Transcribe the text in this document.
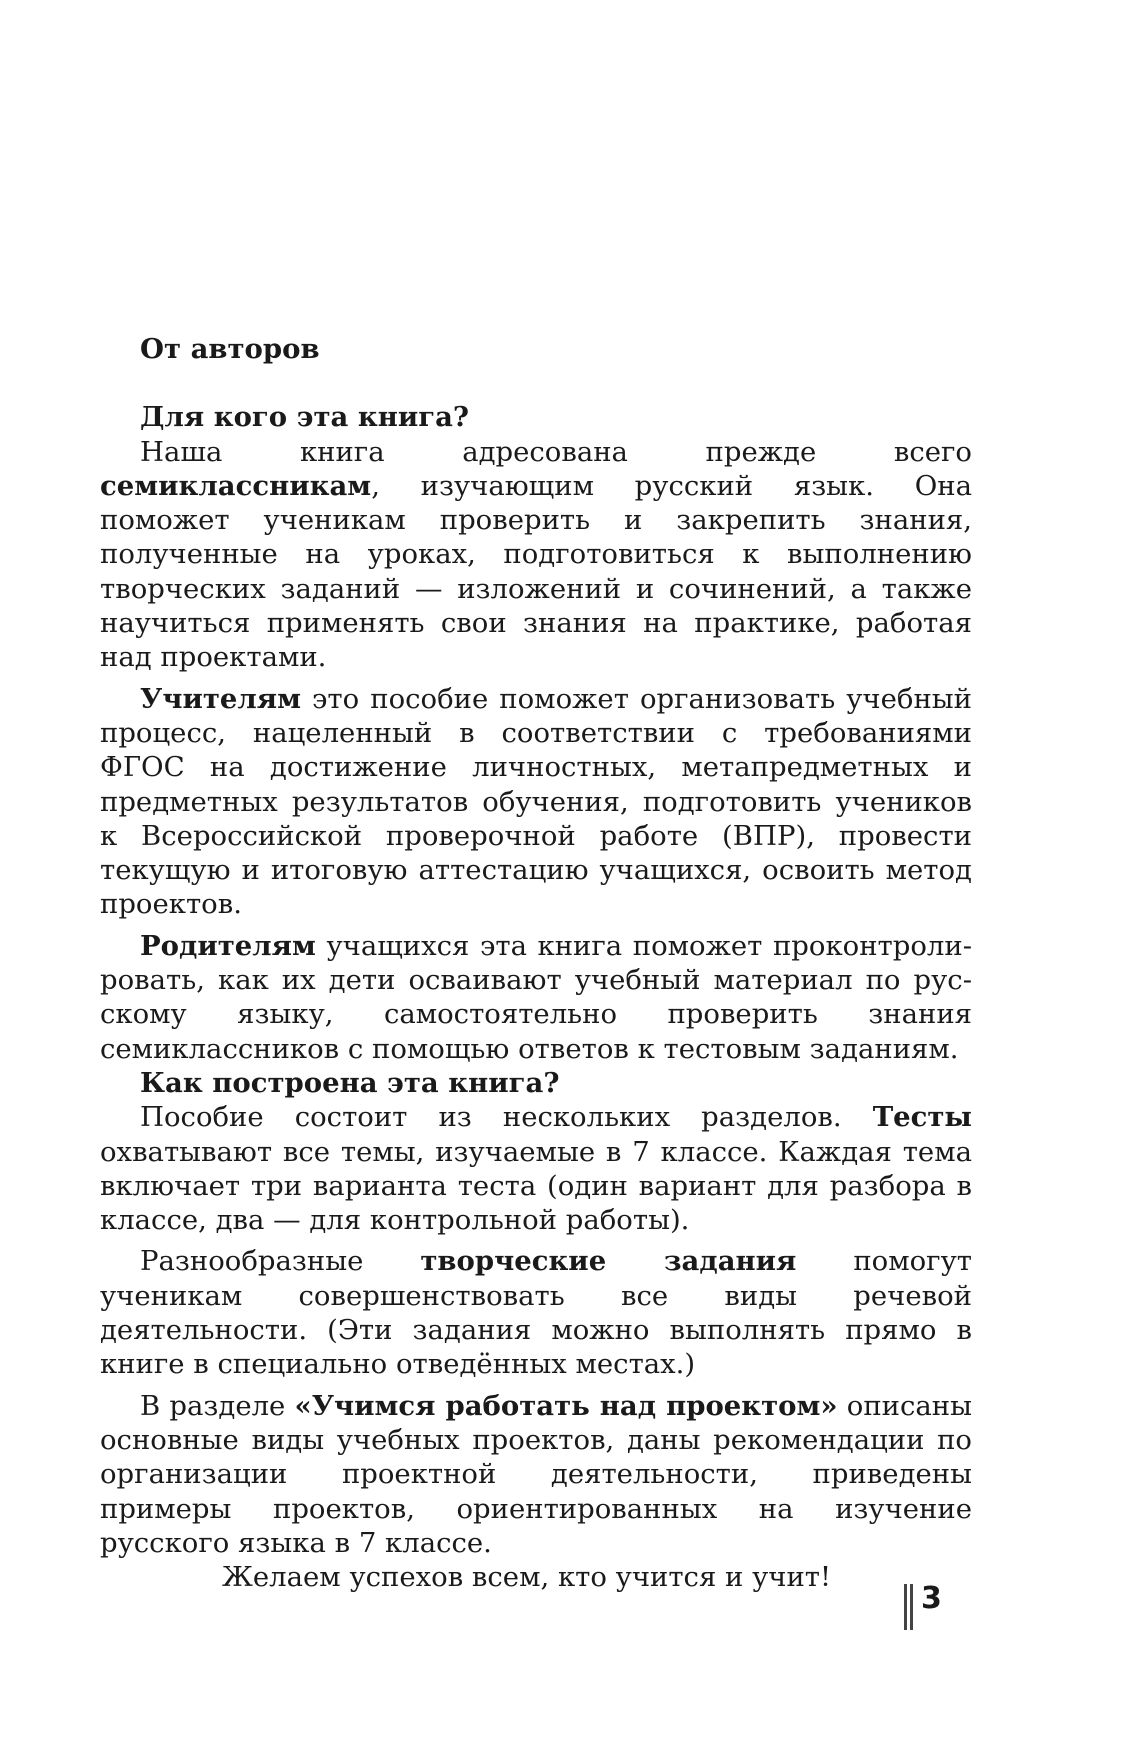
От авторов

Для кого эта книга?

Наша книга адресована прежде всего семиклассникам, изучающим русский язык. Она поможет ученикам проверить и закрепить знания, полученные на уроках, подготовиться к выполнению творческих заданий — изложений и сочинений, а также научиться применять свои знания на практике, работая над проектами.

Учителям это пособие поможет организовать учебный процесс, нацеленный в соответствии с требованиями ФГОС на достижение личностных, метапредметных и предметных результатов обучения, подготовить учеников к Всероссийской проверочной работе (ВПР), провести текущую и итоговую аттестацию учащихся, освоить метод проектов.

Родителям учащихся эта книга поможет проконтролировать, как их дети осваивают учебный материал по русскому языку, самостоятельно проверить знания семиклассников с помощью ответов к тестовым заданиям.

Как построена эта книга?

Пособие состоит из нескольких разделов. Тесты охватывают все темы, изучаемые в 7 классе. Каждая тема включает три варианта теста (один вариант для разбора в классе, два — для контрольной работы).

Разнообразные творческие задания помогут ученикам совершенствовать все виды речевой деятельности. (Эти задания можно выполнять прямо в книге в специально отведённых местах.)

В разделе «Учимся работать над проектом» описаны основные виды учебных проектов, даны рекомендации по организации проектной деятельности, приведены примеры проектов, ориентированных на изучение русского языка в 7 классе.

Желаем успехов всем, кто учится и учит!

3
